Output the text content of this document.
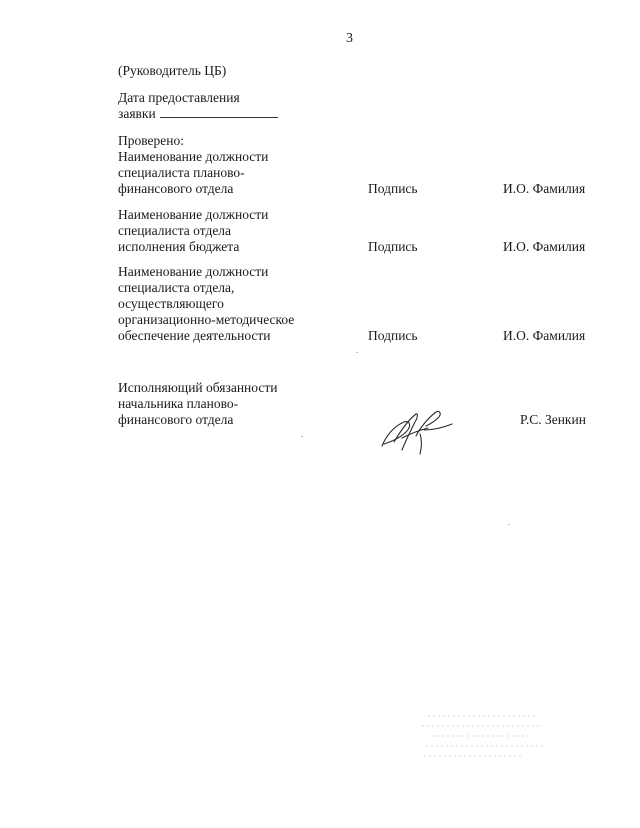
3
(Руководитель ЦБ)
Дата предоставления
заявки
Проверено:
Наименование должности
специалиста планово-
финансового отдела	Подпись	И.О. Фамилия
Наименование должности
специалиста отдела
исполнения бюджета	Подпись	И.О. Фамилия
Наименование должности
специалиста отдела,
осуществляющего
организационно-методическое
обеспечение деятельности	Подпись	И.О. Фамилия
Исполняющий обязанности
начальника планово-
финансового отдела	Р.С. Зенкин
